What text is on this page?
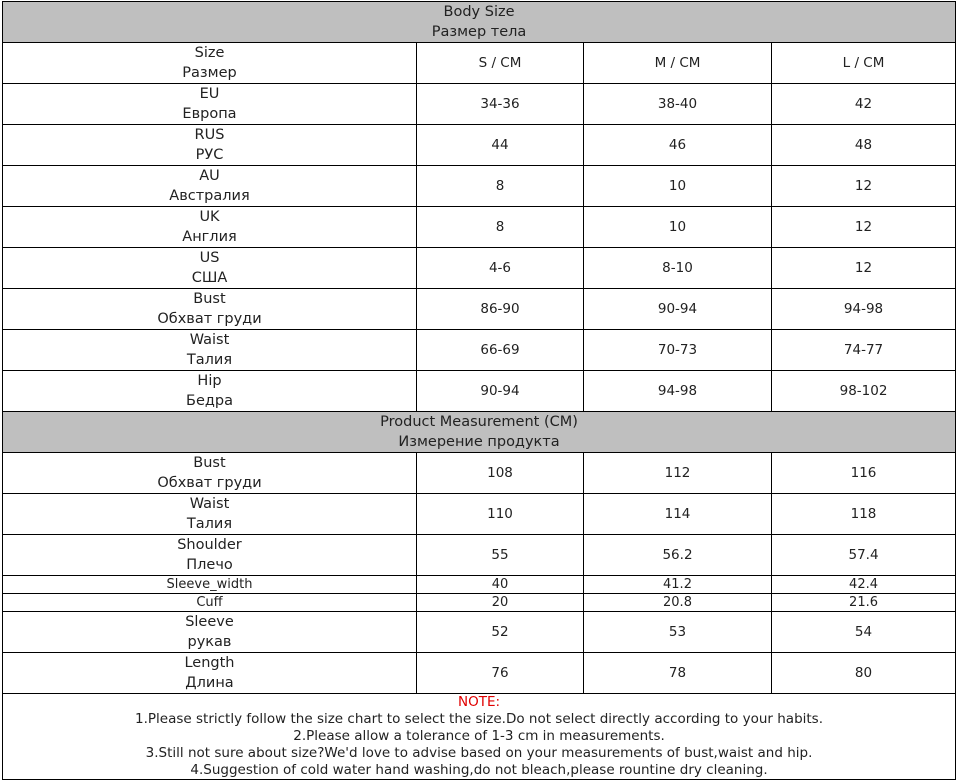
Body Size
Размер тела			

Size
Размер	S / CM	M / CM	L / CM

EU
Европа	34-36	38-40	42

RUS
РУС	44	46	48

AU
Австралия	8	10	12

UK
Англия	8	10	12

US
США	4-6	8-10	12

Bust
Обхват груди	86-90	90-94	94-98

Waist
Талия	66-69	70-73	74-77

Hip
Бедра	90-94	94-98	98-102

Product Measurement (CM)
Измерение продукта			

Bust
Обхват груди	108	112	116

Waist
Талия	110	114	118

Shoulder
Плечо	55	56.2	57.4
Sleeve_width	40	41.2	42.4
Cuff	20	20.8	21.6

Sleeve
рукав	52	53	54

Length
Длина	76	78	80

NOTE:
1.Please strictly follow the size chart to select the size.Do not select directly according to your habits.
2.Please allow a tolerance of 1-3 cm in measurements.
3.Still not sure about size?We'd love to advise based on your measurements of bust,waist and hip.
4.Suggestion of cold water hand washing,do not bleach,please rountine dry cleaning.			
